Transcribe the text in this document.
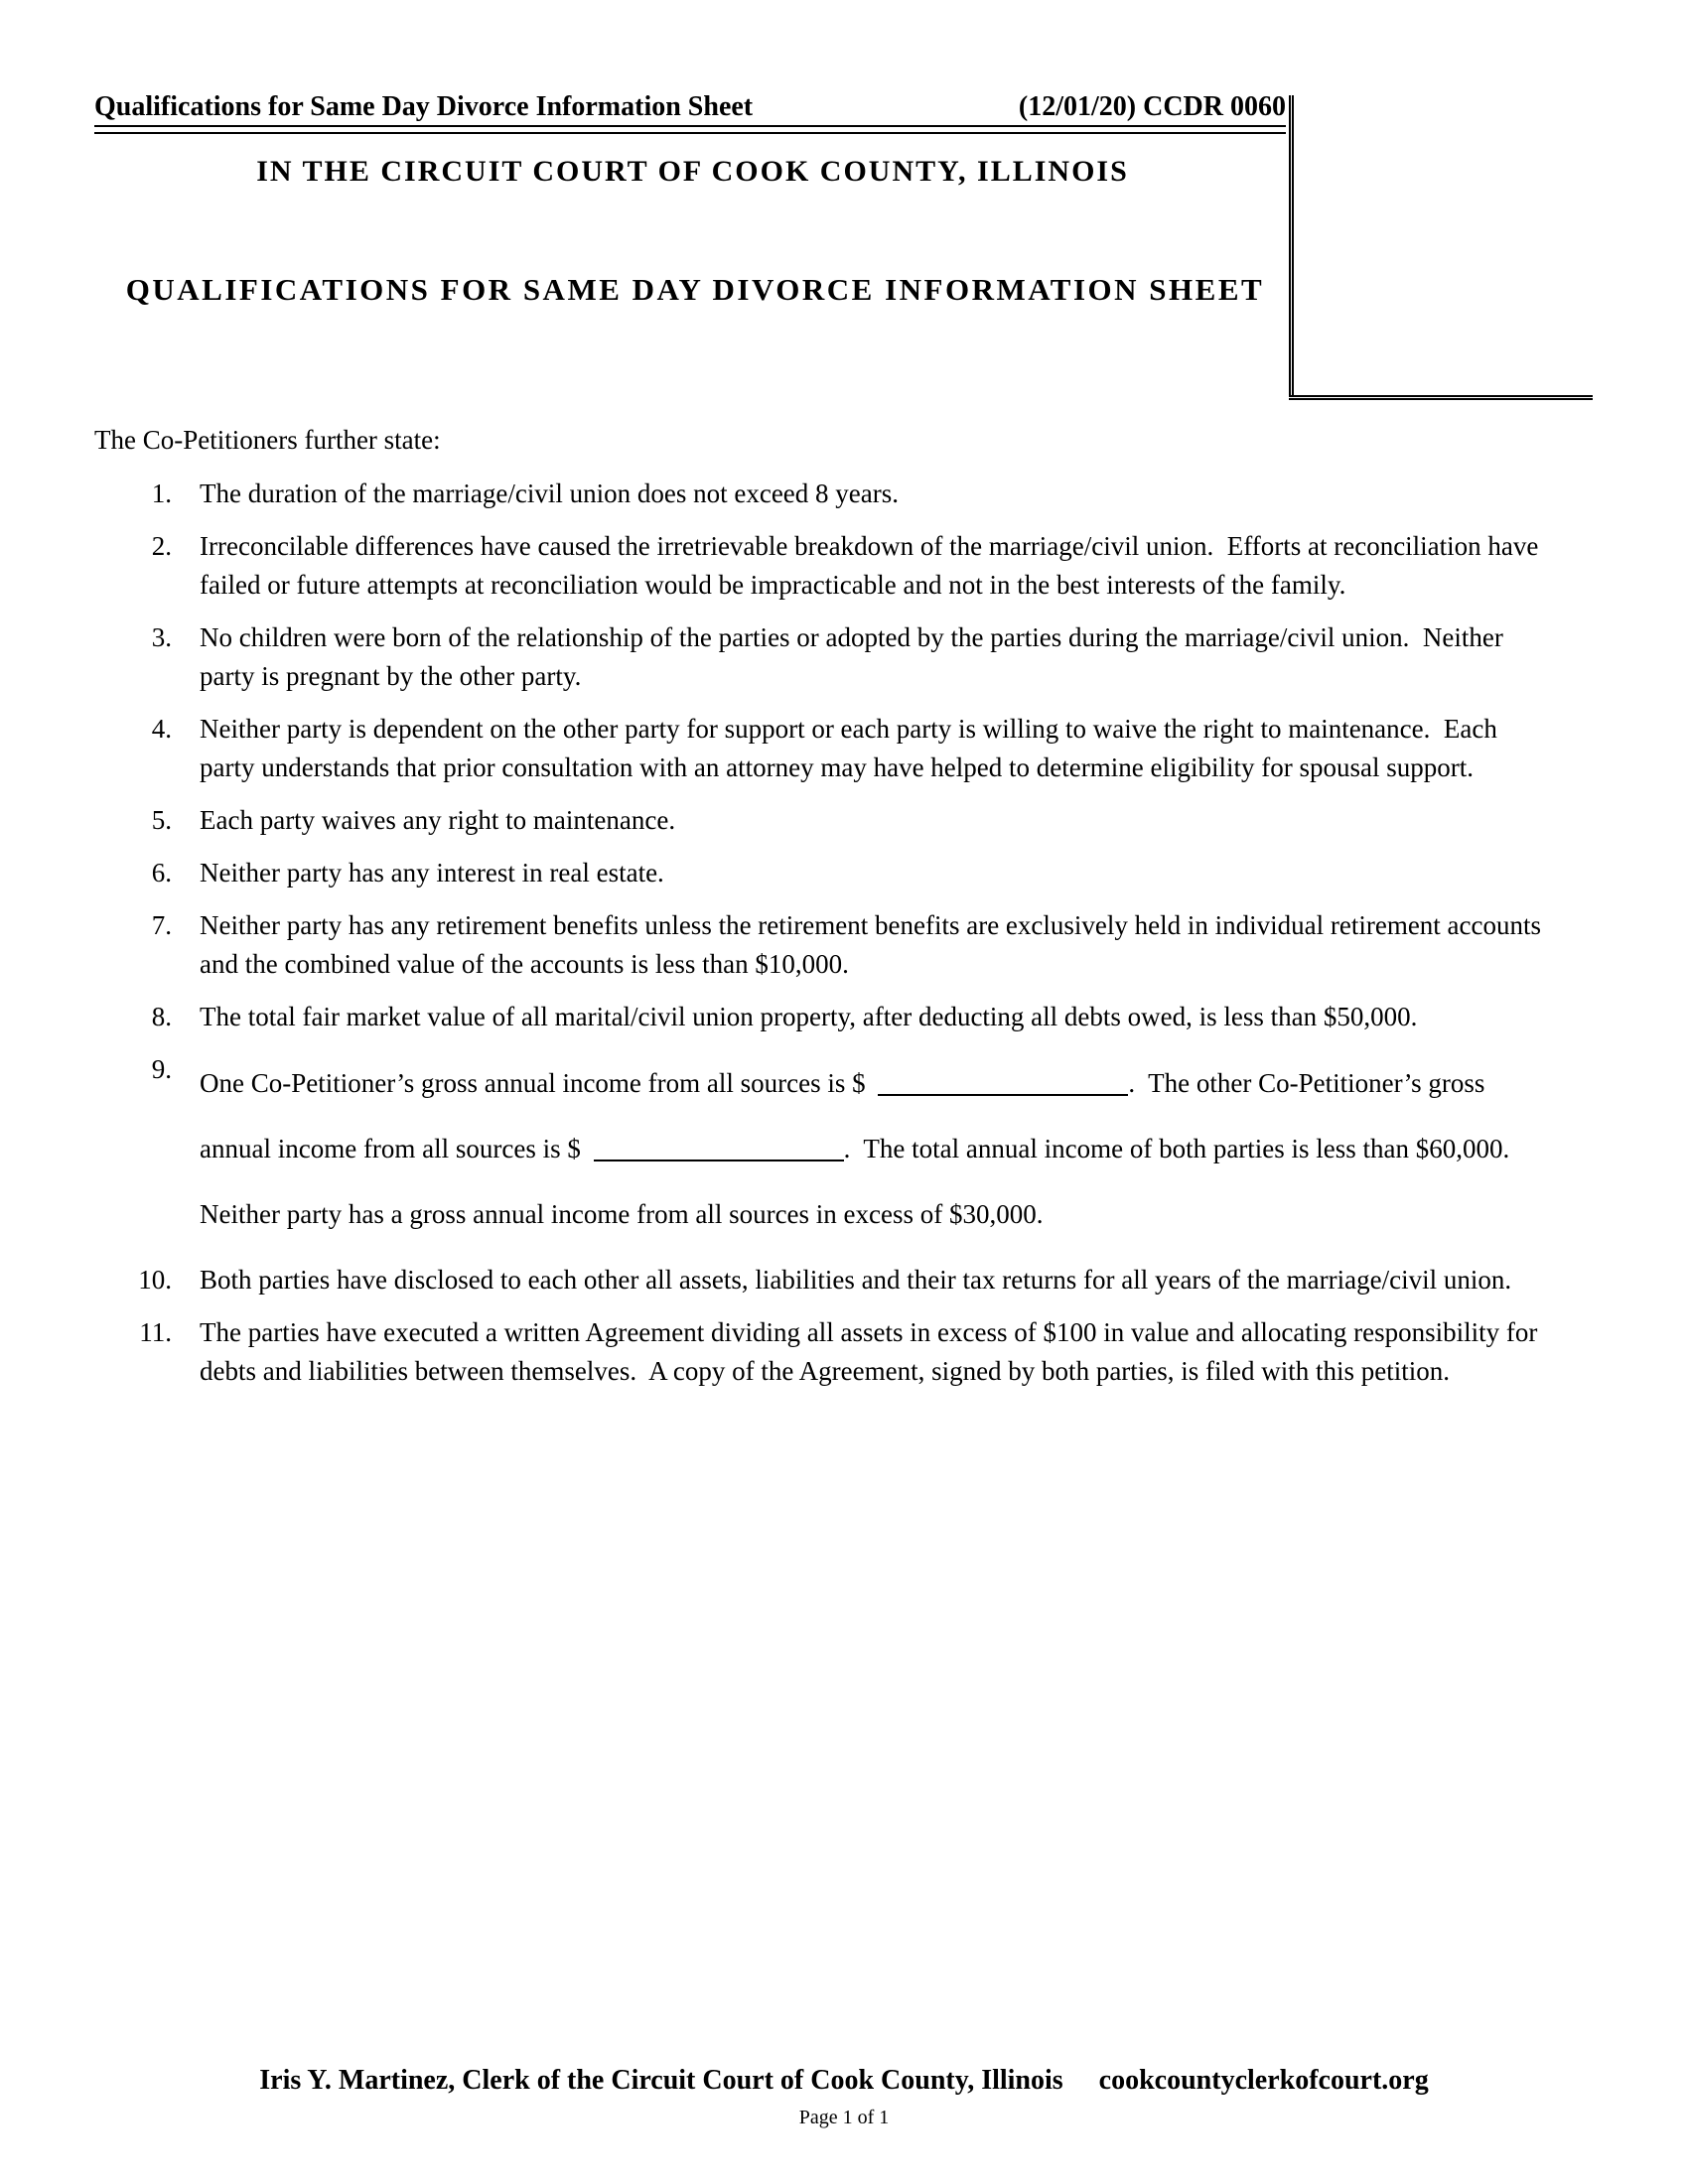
Qualifications for Same Day Divorce Information Sheet	(12/01/20) CCDR 0060
IN THE CIRCUIT COURT OF COOK COUNTY, ILLINOIS
QUALIFICATIONS FOR SAME DAY DIVORCE INFORMATION SHEET

The Co-Petitioners further state:

1. The duration of the marriage/civil union does not exceed 8 years.
2. Irreconcilable differences have caused the irretrievable breakdown of the marriage/civil union.  Efforts at reconciliation have failed or future attempts at reconciliation would be impracticable and not in the best interests of the family.
3. No children were born of the relationship of the parties or adopted by the parties during the marriage/civil union.  Neither party is pregnant by the other party.
4. Neither party is dependent on the other party for support or each party is willing to waive the right to maintenance.  Each party understands that prior consultation with an attorney may have helped to determine eligibility for spousal support.
5. Each party waives any right to maintenance.
6. Neither party has any interest in real estate.
7. Neither party has any retirement benefits unless the retirement benefits are exclusively held in individual retirement accounts and the combined value of the accounts is less than $10,000.
8. The total fair market value of all marital/civil union property, after deducting all debts owed, is less than $50,000.
9. One Co-Petitioner’s gross annual income from all sources is $	.  The other Co-Petitioner’s gross annual income from all sources is $	.  The total annual income of both parties is less than $60,000.  Neither party has a gross annual income from all sources in excess of $30,000.
10. Both parties have disclosed to each other all assets, liabilities and their tax returns for all years of the marriage/civil union.
11. The parties have executed a written Agreement dividing all assets in excess of $100 in value and allocating responsibility for debts and liabilities between themselves.  A copy of the Agreement, signed by both parties, is filed with this petition.
Iris Y. Martinez, Clerk of the Circuit Court of Cook County, Illinois cookcountyclerkofcourt.org
Page 1 of 1
